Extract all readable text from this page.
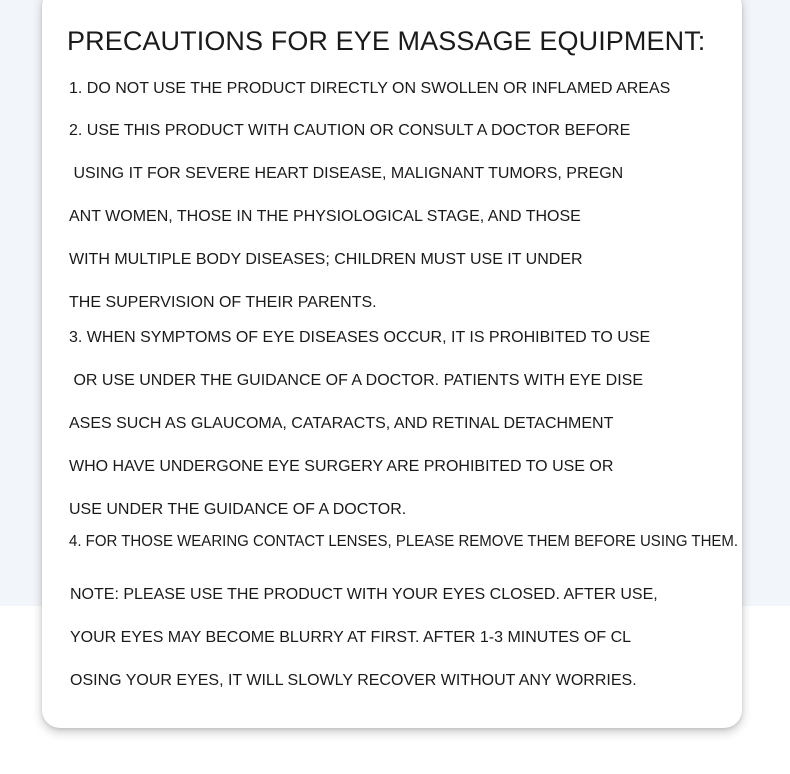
PRECAUTIONS FOR EYE MASSAGE EQUIPMENT:

1. DO NOT USE THE PRODUCT DIRECTLY ON SWOLLEN OR INFLAMED AREAS

2. USE THIS PRODUCT WITH CAUTION OR CONSULT A DOCTOR BEFORE

USING IT FOR SEVERE HEART DISEASE, MALIGNANT TUMORS, PREGN

ANT WOMEN, THOSE IN THE PHYSIOLOGICAL STAGE, AND THOSE

WITH MULTIPLE BODY DISEASES; CHILDREN MUST USE IT UNDER

THE SUPERVISION OF THEIR PARENTS.

3. WHEN SYMPTOMS OF EYE DISEASES OCCUR, IT IS PROHIBITED TO USE

OR USE UNDER THE GUIDANCE OF A DOCTOR. PATIENTS WITH EYE DISE

ASES SUCH AS GLAUCOMA, CATARACTS, AND RETINAL DETACHMENT

WHO HAVE UNDERGONE EYE SURGERY ARE PROHIBITED TO USE OR

USE UNDER THE GUIDANCE OF A DOCTOR.

4. FOR THOSE WEARING CONTACT LENSES, PLEASE REMOVE THEM BEFORE USING THEM.

NOTE: PLEASE USE THE PRODUCT WITH YOUR EYES CLOSED. AFTER USE,

YOUR EYES MAY BECOME BLURRY AT FIRST. AFTER 1-3 MINUTES OF CL

OSING YOUR EYES, IT WILL SLOWLY RECOVER WITHOUT ANY WORRIES.
